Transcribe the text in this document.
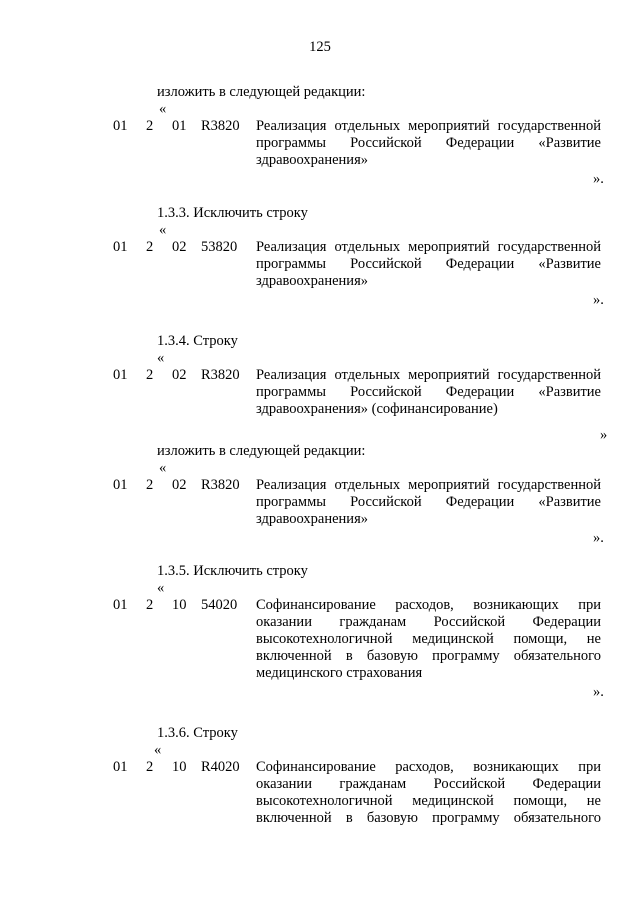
125
изложить в следующей редакции:
«
01 2 01 R3820 Реализация отдельных мероприятий государственной
программы Российской Федерации «Развитие
здравоохранения»
».
1.3.3. Исключить строку
«
01 2 02 53820 Реализация отдельных мероприятий государственной
программы Российской Федерации «Развитие
здравоохранения»
».
1.3.4. Строку
«
01 2 02 R3820 Реализация отдельных мероприятий государственной
программы Российской Федерации «Развитие
здравоохранения» (софинансирование)
»
изложить в следующей редакции:
«
01 2 02 R3820 Реализация отдельных мероприятий государственной
программы Российской Федерации «Развитие
здравоохранения»
».
1.3.5. Исключить строку
«
01 2 10 54020 Софинансирование расходов, возникающих при
оказании гражданам Российской Федерации
высокотехнологичной медицинской помощи, не
включенной в базовую программу обязательного
медицинского страхования
».
1.3.6. Строку
«
01 2 10 R4020 Софинансирование расходов, возникающих при
оказании гражданам Российской Федерации
высокотехнологичной медицинской помощи, не
включенной в базовую программу обязательного
